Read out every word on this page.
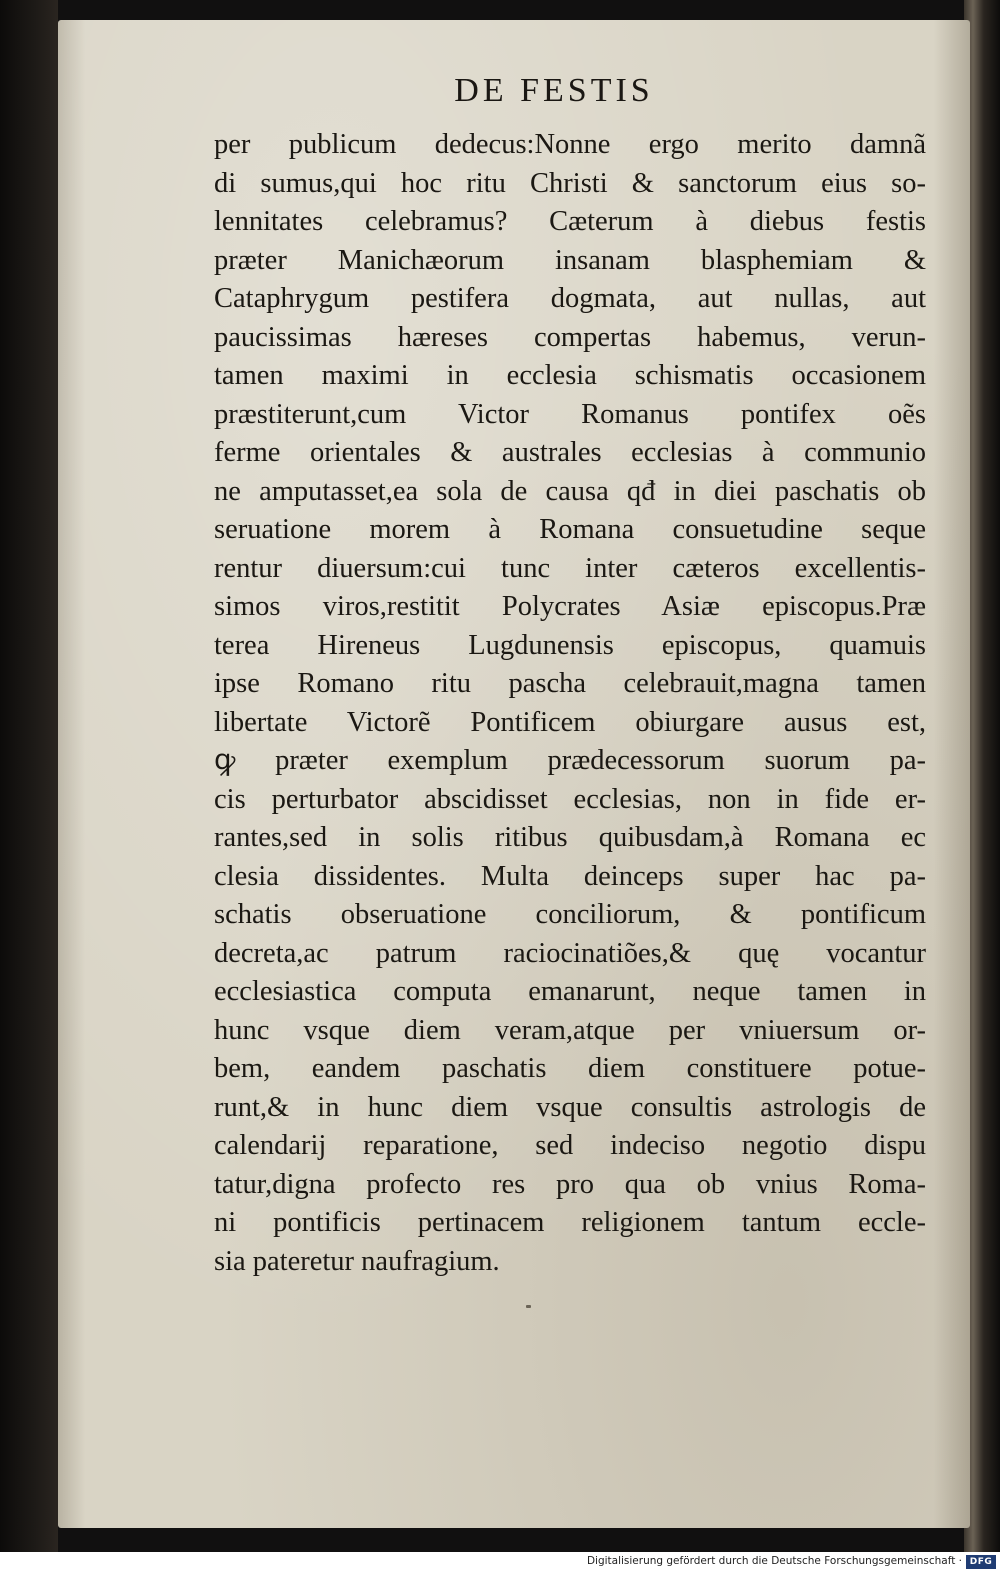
DE FESTIS
per publicum dedecus:Nonne ergo merito damnã
di sumus,qui hoc ritu Christi & sanctorum eius so-
lennitates celebramus? Cæterum à diebus festis
præter Manichæorum insanam blasphemiam &
Cataphrygum pestifera dogmata, aut nullas, aut
paucissimas hæreses compertas habemus, verun-
tamen maximi in ecclesia schismatis occasionem
præstiterunt,cum Victor Romanus pontifex oẽs
ferme orientales & australes ecclesias à communio
ne amputasset,ea sola de causa qđ in diei paschatis ob
seruatione morem à Romana consuetudine seque
rentur diuersum:cui tunc inter cæteros excellentis-
simos viros,restitit Polycrates Asiæ episcopus.Præ
terea Hireneus Lugdunensis episcopus, quamuis
ipse Romano ritu pascha celebrauit,magna tamen
libertate Victorẽ Pontificem obiurgare ausus est,
ꝙ præter exemplum prædecessorum suorum pa-
cis perturbator abscidisset ecclesias, non in fide er-
rantes,sed in solis ritibus quibusdam,à Romana ec
clesia dissidentes. Multa deinceps super hac pa-
schatis obseruatione conciliorum, & pontificum
decreta,ac patrum raciocinatiões,& quę vocantur
ecclesiastica computa emanarunt, neque tamen in
hunc vsque diem veram,atque per vniuersum or-
bem, eandem paschatis diem constituere potue-
runt,& in hunc diem vsque consultis astrologis de
calendarij reparatione, sed indeciso negotio dispu
tatur,digna profecto res pro qua ob vnius Roma-
ni pontificis pertinacem religionem tantum eccle-
sia pateretur naufragium.
Digitalisierung gefördert durch die Deutsche Forschungsgemeinschaft · DFG
